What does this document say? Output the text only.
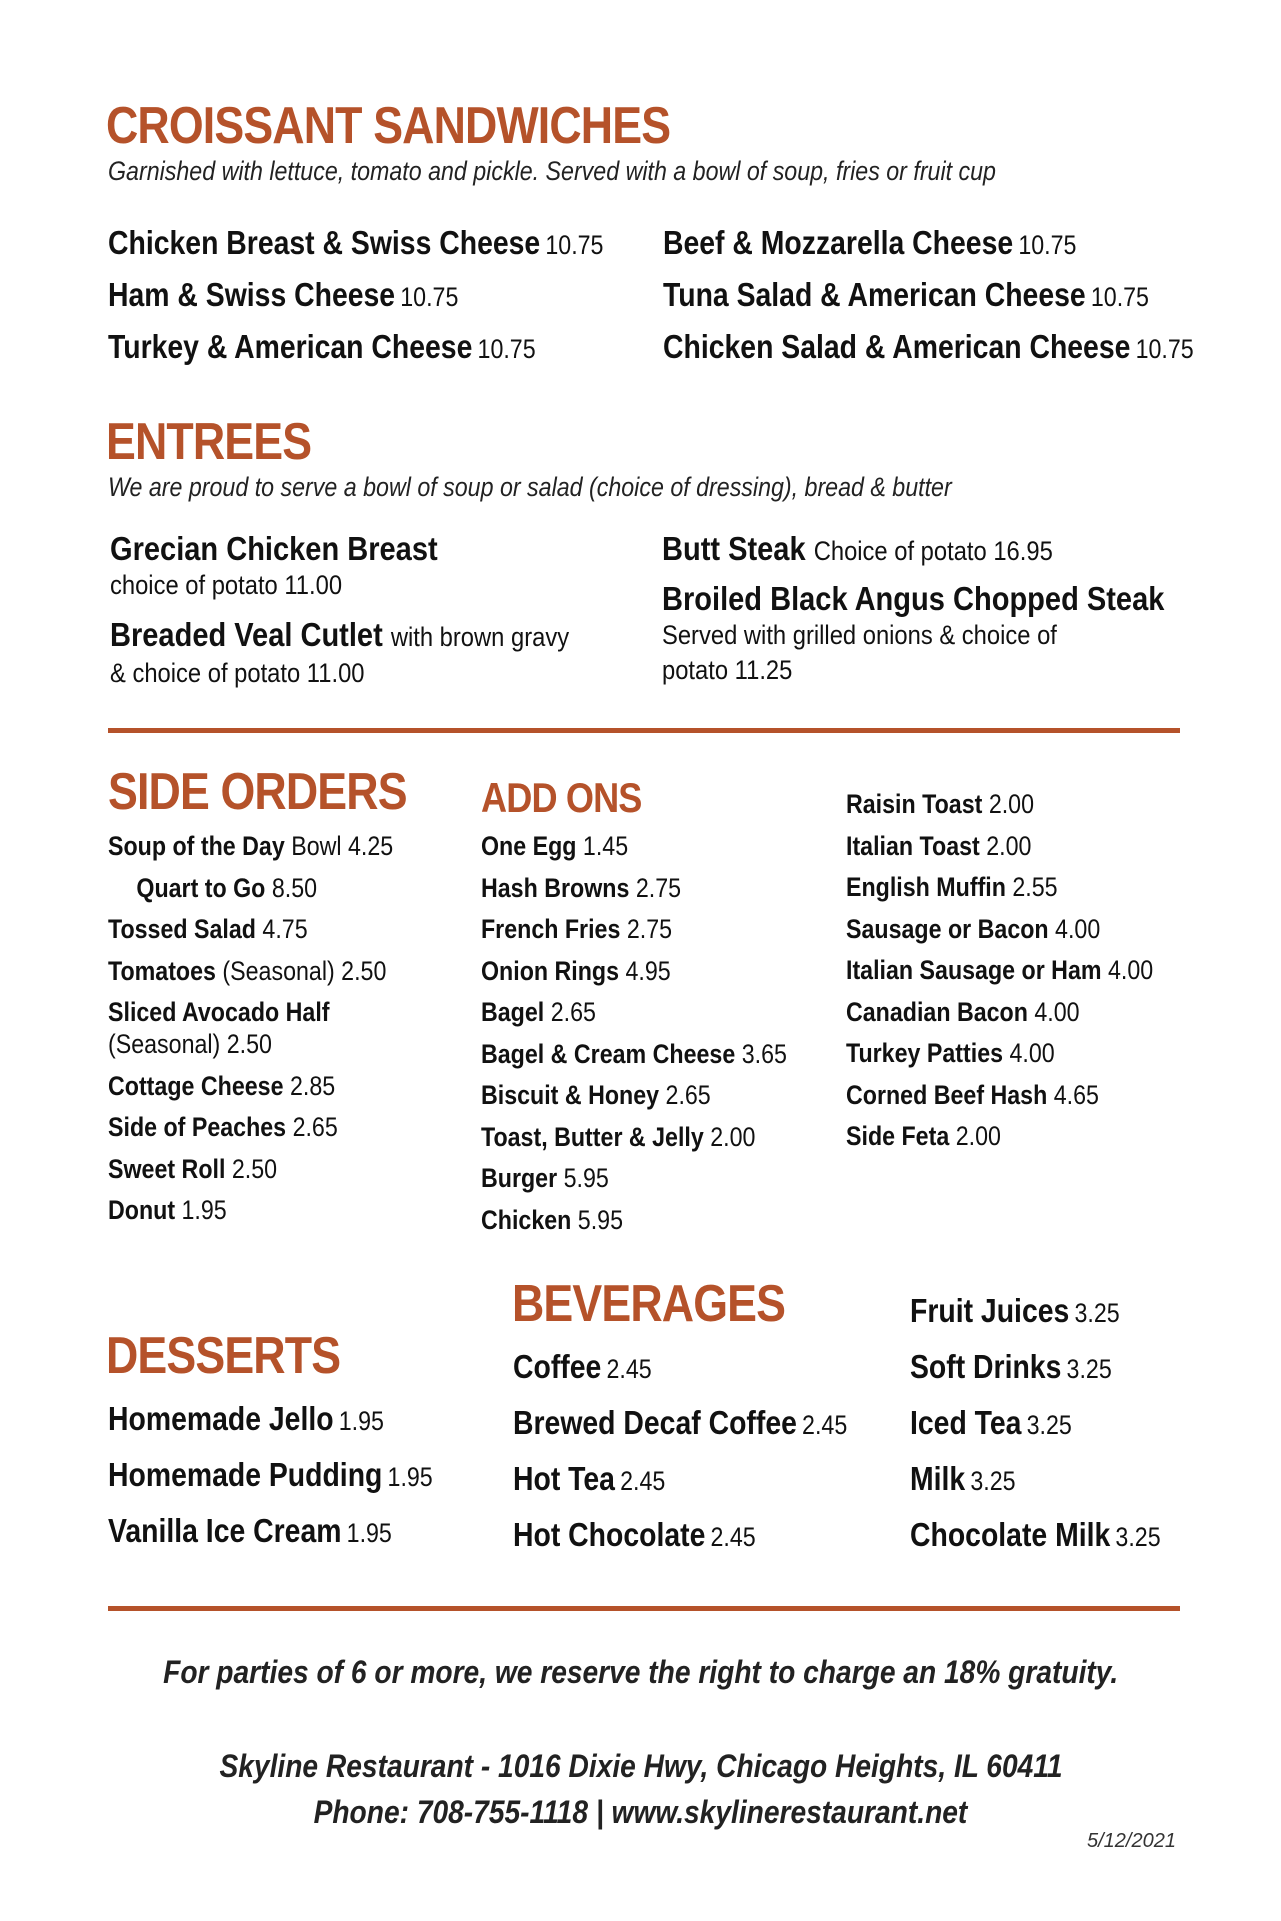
CROISSANT SANDWICHES

Garnished with lettuce, tomato and pickle. Served with a bowl of soup, fries or fruit cup

Chicken Breast & Swiss Cheese 10.75
Ham & Swiss Cheese 10.75
Turkey & American Cheese 10.75
Beef & Mozzarella Cheese 10.75
Tuna Salad & American Cheese 10.75
Chicken Salad & American Cheese 10.75
ENTREES

We are proud to serve a bowl of soup or salad (choice of dressing), bread & butter

Grecian Chicken Breast
choice of potato 11.00
Breaded Veal Cutlet with brown gravy
& choice of potato 11.00
Butt Steak Choice of potato 16.95
Broiled Black Angus Chopped Steak
Served with grilled onions & choice of
potato 11.25
SIDE ORDERS
Soup of the Day Bowl 4.25
Quart to Go 8.50
Tossed Salad 4.75
Tomatoes (Seasonal) 2.50
Sliced Avocado Half
(Seasonal) 2.50
Cottage Cheese 2.85
Side of Peaches 2.65
Sweet Roll 2.50
Donut 1.95
ADD ONS
One Egg 1.45
Hash Browns 2.75
French Fries 2.75
Onion Rings 4.95
Bagel 2.65
Bagel & Cream Cheese 3.65
Biscuit & Honey 2.65
Toast, Butter & Jelly 2.00
Burger 5.95
Chicken 5.95
Raisin Toast 2.00
Italian Toast 2.00
English Muffin 2.55
Sausage or Bacon 4.00
Italian Sausage or Ham 4.00
Canadian Bacon 4.00
Turkey Patties 4.00
Corned Beef Hash 4.65
Side Feta 2.00
DESSERTS
Homemade Jello 1.95
Homemade Pudding 1.95
Vanilla Ice Cream 1.95
BEVERAGES
Coffee 2.45
Brewed Decaf Coffee 2.45
Hot Tea 2.45
Hot Chocolate 2.45
Fruit Juices 3.25
Soft Drinks 3.25
Iced Tea 3.25
Milk 3.25
Chocolate Milk 3.25
For parties of 6 or more, we reserve the right to charge an 18% gratuity.
Skyline Restaurant - 1016 Dixie Hwy, Chicago Heights, IL 60411
Phone: 708-755-1118 | www.skylinerestaurant.net
5/12/2021
